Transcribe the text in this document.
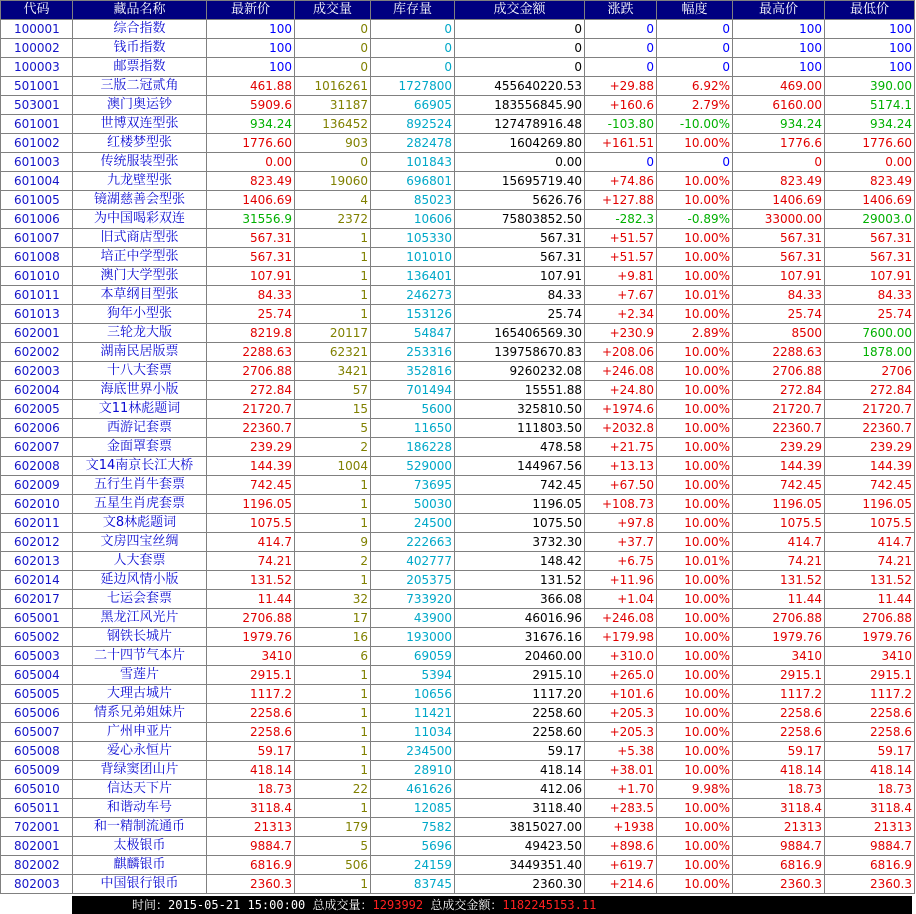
代码	藏品名称	最新价	成交量	库存量	成交金额	涨跌	幅度	最高价	最低价
100001	综合指数	100	0	0	0	0	0	100	100
100002	钱币指数	100	0	0	0	0	0	100	100
100003	邮票指数	100	0	0	0	0	0	100	100
501001	三版二冠贰角	461.88	1016261	1727800	455640220.53	+29.88	6.92%	469.00	390.00
503001	澳门奥运钞	5909.6	31187	66905	183556845.90	+160.6	2.79%	6160.00	5174.1
601001	世博双连型张	934.24	136452	892524	127478916.48	-103.80	-10.00%	934.24	934.24
601002	红楼梦型张	1776.60	903	282478	1604269.80	+161.51	10.00%	1776.6	1776.60
601003	传统服装型张	0.00	0	101843	0.00	0	0	0	0.00
601004	九龙壁型张	823.49	19060	696801	15695719.40	+74.86	10.00%	823.49	823.49
601005	镜湖慈善会型张	1406.69	4	85023	5626.76	+127.88	10.00%	1406.69	1406.69
601006	为中国喝彩双连	31556.9	2372	10606	75803852.50	-282.3	-0.89%	33000.00	29003.0
601007	旧式商店型张	567.31	1	105330	567.31	+51.57	10.00%	567.31	567.31
601008	培正中学型张	567.31	1	101010	567.31	+51.57	10.00%	567.31	567.31
601010	澳门大学型张	107.91	1	136401	107.91	+9.81	10.00%	107.91	107.91
601011	本草纲目型张	84.33	1	246273	84.33	+7.67	10.01%	84.33	84.33
601013	狗年小型张	25.74	1	153126	25.74	+2.34	10.00%	25.74	25.74
602001	三轮龙大版	8219.8	20117	54847	165406569.30	+230.9	2.89%	8500	7600.00
602002	湖南民居版票	2288.63	62321	253316	139758670.83	+208.06	10.00%	2288.63	1878.00
602003	十八大套票	2706.88	3421	352816	9260232.08	+246.08	10.00%	2706.88	2706
602004	海底世界小版	272.84	57	701494	15551.88	+24.80	10.00%	272.84	272.84
602005	文11林彪题词	21720.7	15	5600	325810.50	+1974.6	10.00%	21720.7	21720.7
602006	西游记套票	22360.7	5	11650	111803.50	+2032.8	10.00%	22360.7	22360.7
602007	金面罩套票	239.29	2	186228	478.58	+21.75	10.00%	239.29	239.29
602008	文14南京长江大桥	144.39	1004	529000	144967.56	+13.13	10.00%	144.39	144.39
602009	五行生肖牛套票	742.45	1	73695	742.45	+67.50	10.00%	742.45	742.45
602010	五星生肖虎套票	1196.05	1	50030	1196.05	+108.73	10.00%	1196.05	1196.05
602011	文8林彪题词	1075.5	1	24500	1075.50	+97.8	10.00%	1075.5	1075.5
602012	文房四宝丝绸	414.7	9	222663	3732.30	+37.7	10.00%	414.7	414.7
602013	人大套票	74.21	2	402777	148.42	+6.75	10.01%	74.21	74.21
602014	延边风情小版	131.52	1	205375	131.52	+11.96	10.00%	131.52	131.52
602017	七运会套票	11.44	32	733920	366.08	+1.04	10.00%	11.44	11.44
605001	黑龙江风光片	2706.88	17	43900	46016.96	+246.08	10.00%	2706.88	2706.88
605002	钢铁长城片	1979.76	16	193000	31676.16	+179.98	10.00%	1979.76	1979.76
605003	二十四节气本片	3410	6	69059	20460.00	+310.0	10.00%	3410	3410
605004	雪莲片	2915.1	1	5394	2915.10	+265.0	10.00%	2915.1	2915.1
605005	大理古城片	1117.2	1	10656	1117.20	+101.6	10.00%	1117.2	1117.2
605006	情系兄弟姐妹片	2258.6	1	11421	2258.60	+205.3	10.00%	2258.6	2258.6
605007	广州申亚片	2258.6	1	11034	2258.60	+205.3	10.00%	2258.6	2258.6
605008	爱心永恒片	59.17	1	234500	59.17	+5.38	10.00%	59.17	59.17
605009	背绿窦团山片	418.14	1	28910	418.14	+38.01	10.00%	418.14	418.14
605010	信达天下片	18.73	22	461626	412.06	+1.70	9.98%	18.73	18.73
605011	和谐动车号	3118.4	1	12085	3118.40	+283.5	10.00%	3118.4	3118.4
702001	和一精制流通币	21313	179	7582	3815027.00	+1938	10.00%	21313	21313
802001	太极银币	9884.7	5	5696	49423.50	+898.6	10.00%	9884.7	9884.7
802002	麒麟银币	6816.9	506	24159	3449351.40	+619.7	10.00%	6816.9	6816.9
802003	中国银行银币	2360.3	1	83745	2360.30	+214.6	10.00%	2360.3	2360.3
时间：2015-05-21 15:00:00 总成交量：1293992 总成交金额：1182245153.11
